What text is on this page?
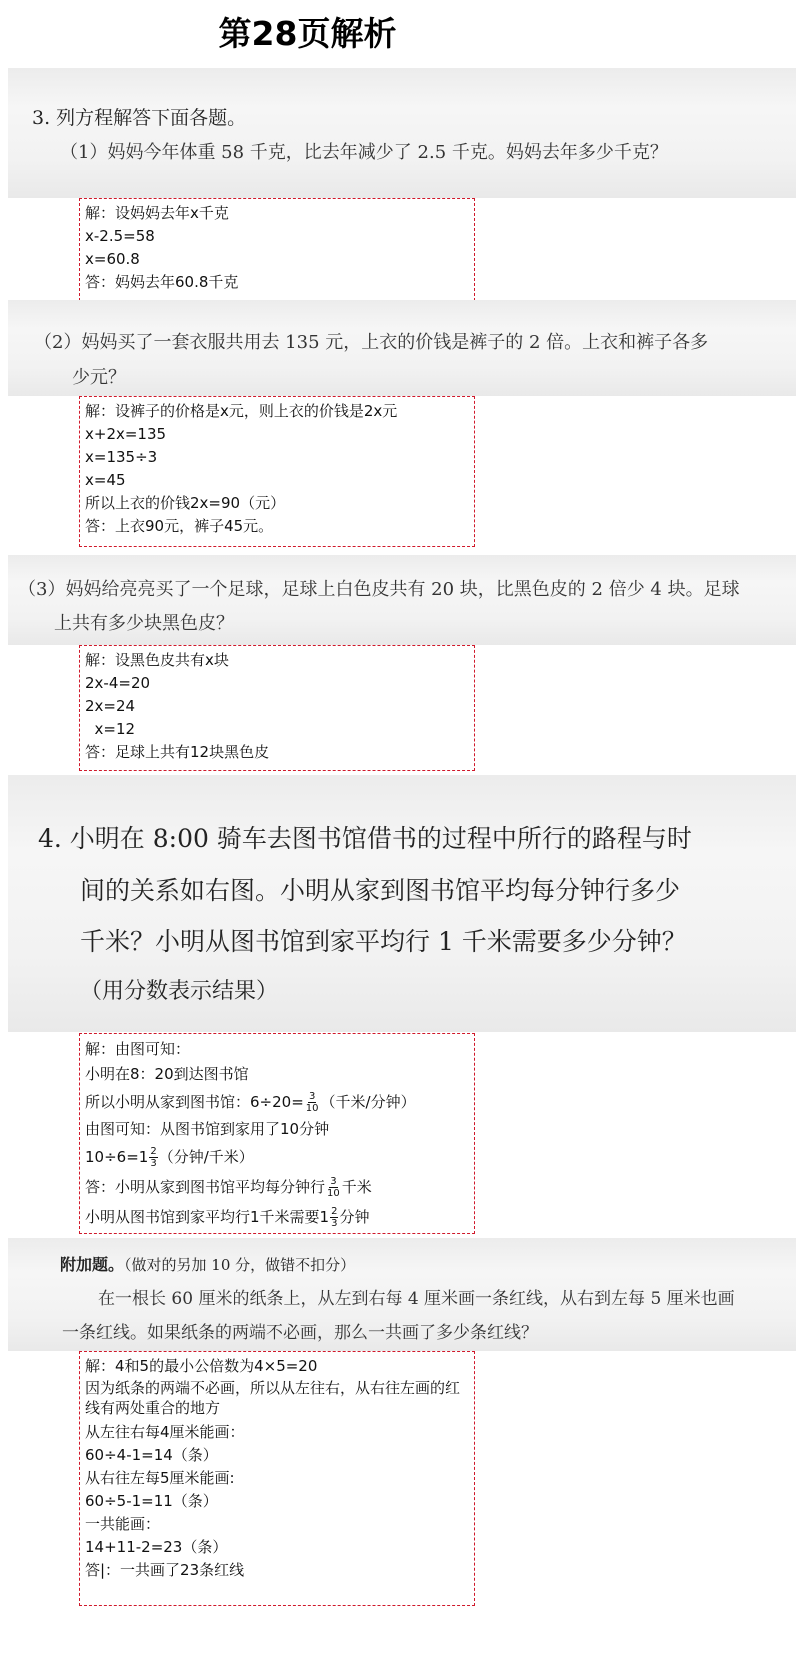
第28页解析
3. 列方程解答下面各题。
（1）妈妈今年体重 58 千克，比去年减少了 2.5 千克。妈妈去年多少千克？
解：设妈妈去年x千克
x-2.5=58
x=60.8
答：妈妈去年60.8千克
（2）妈妈买了一套衣服共用去 135 元，上衣的价钱是裤子的 2 倍。上衣和裤子各多
少元？
解：设裤子的价格是x元，则上衣的价钱是2x元
x+2x=135
x=135÷3
x=45
所以上衣的价钱2x=90（元）
答：上衣90元，裤子45元。
（3）妈妈给亮亮买了一个足球，足球上白色皮共有 20 块，比黑色皮的 2 倍少 4 块。足球
上共有多少块黑色皮？
解：设黑色皮共有x块
2x-4=20
2x=24
x=12
答：足球上共有12块黑色皮
4. 小明在 8:00 骑车去图书馆借书的过程中所行的路程与时
间的关系如右图。小明从家到图书馆平均每分钟行多少
千米？小明从图书馆到家平均行 1 千米需要多少分钟？
（用分数表示结果）
解：由图可知：
小明在8：20到达图书馆
所以小明从家到图书馆：$6\div 20= \frac{3}{10}$ （千米/分钟）
由图可知：从图书馆到家用了10分钟
$10\div 6=1 \frac{2}{3}$ （分钟/千米）
答：小明从家到图书馆平均每分钟行 $\frac{3}{10}$ 千米
小明从图书馆到家平均行1千米需要$1 \frac{2}{3}$ 分钟
附加题。（做对的另加 10 分，做错不扣分）
在一根长 60 厘米的纸条上，从左到右每 4 厘米画一条红线，从右到左每 5 厘米也画
一条红线。如果纸条的两端不必画，那么一共画了多少条红线？
解：4和5的最小公倍数为4×5=20
因为纸条的两端不必画，所以从左往右，从右往左画的红线有两处重合的地方
从左往右每4厘米能画：
60÷4-1=14（条）
从右往左每5厘米能画:
60÷5-1=11（条）
一共能画：
14+11-2=23（条）
答|：一共画了23条红线
